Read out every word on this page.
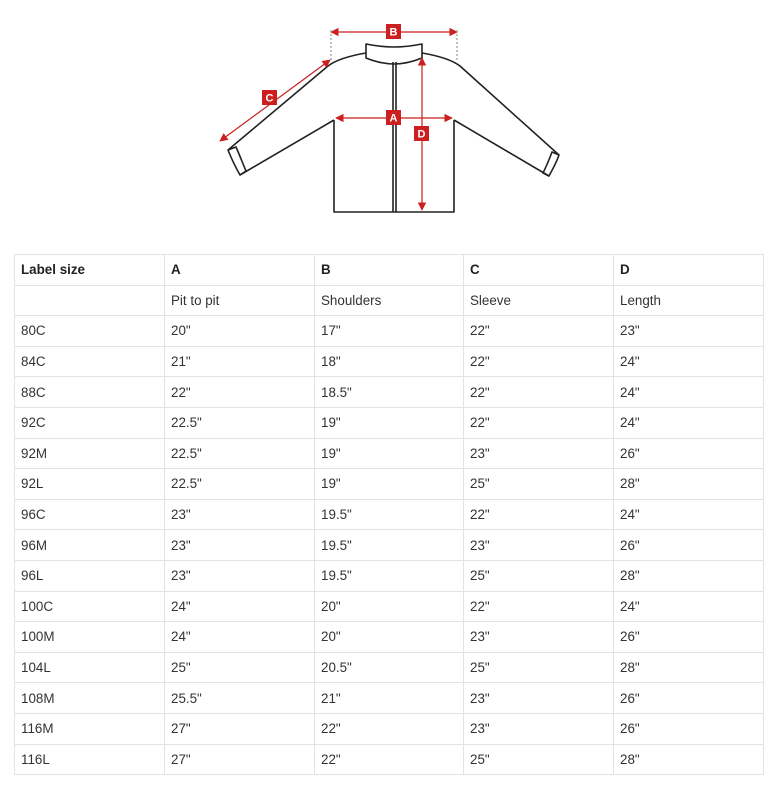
B
C
A
D
Label size	A	B	C	D
	Pit to pit	Shoulders	Sleeve	Length
80C	20"	17"	22"	23"
84C	21"	18"	22"	24"
88C	22"	18.5"	22"	24"
92C	22.5"	19"	22"	24"
92M	22.5"	19"	23"	26"
92L	22.5"	19"	25"	28"
96C	23"	19.5"	22"	24"
96M	23"	19.5"	23"	26"
96L	23"	19.5"	25"	28"
100C	24"	20"	22"	24"
100M	24"	20"	23"	26"
104L	25"	20.5"	25"	28"
108M	25.5"	21"	23"	26"
116M	27"	22"	23"	26"
116L	27"	22"	25"	28"
